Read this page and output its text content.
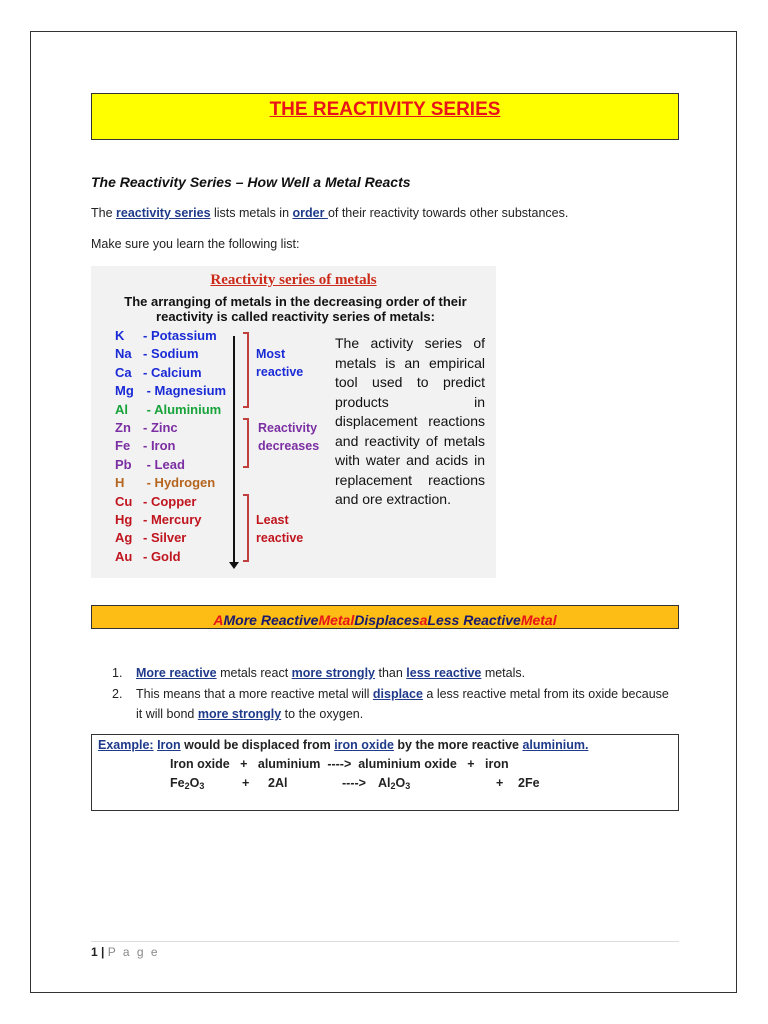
THE REACTIVITY SERIES
The Reactivity Series – How Well a Metal Reacts
The reactivity series lists metals in order of their reactivity towards other substances.
Make sure you learn the following list:
Reactivity series of metals
The arranging of metals in the decreasing order of their reactivity is called reactivity series of metals:
K - Potassium
Na - Sodium
Ca - Calcium
Mg - Magnesium
Al - Aluminium
Zn - Zinc
Fe - Iron
Pb - Lead
H - Hydrogen
Cu - Copper
Hg - Mercury
Ag - Silver
Au - Gold
Most
reactive
Reactivity
decreases
Least
reactive
The activity series of metals is an empirical tool used to predict products in displacement reactions and reactivity of metals with water and acids in replacement reactions and ore extraction.
AMore ReactiveMetalDisplacesaLess ReactiveMetal
1. More reactive metals react more strongly than less reactive metals.
2. This means that a more reactive metal will displace a less reactive metal from its oxide because it will bond more strongly to the oxygen.
Example: Iron would be displaced from iron oxide by the more reactive aluminium.
Iron oxide   +   aluminium  ---->  aluminium oxide   +   iron
$Fe_2O_3$	+ 2Al	----> $Al_2O_3$	+ 2Fe
1 | P a g e
